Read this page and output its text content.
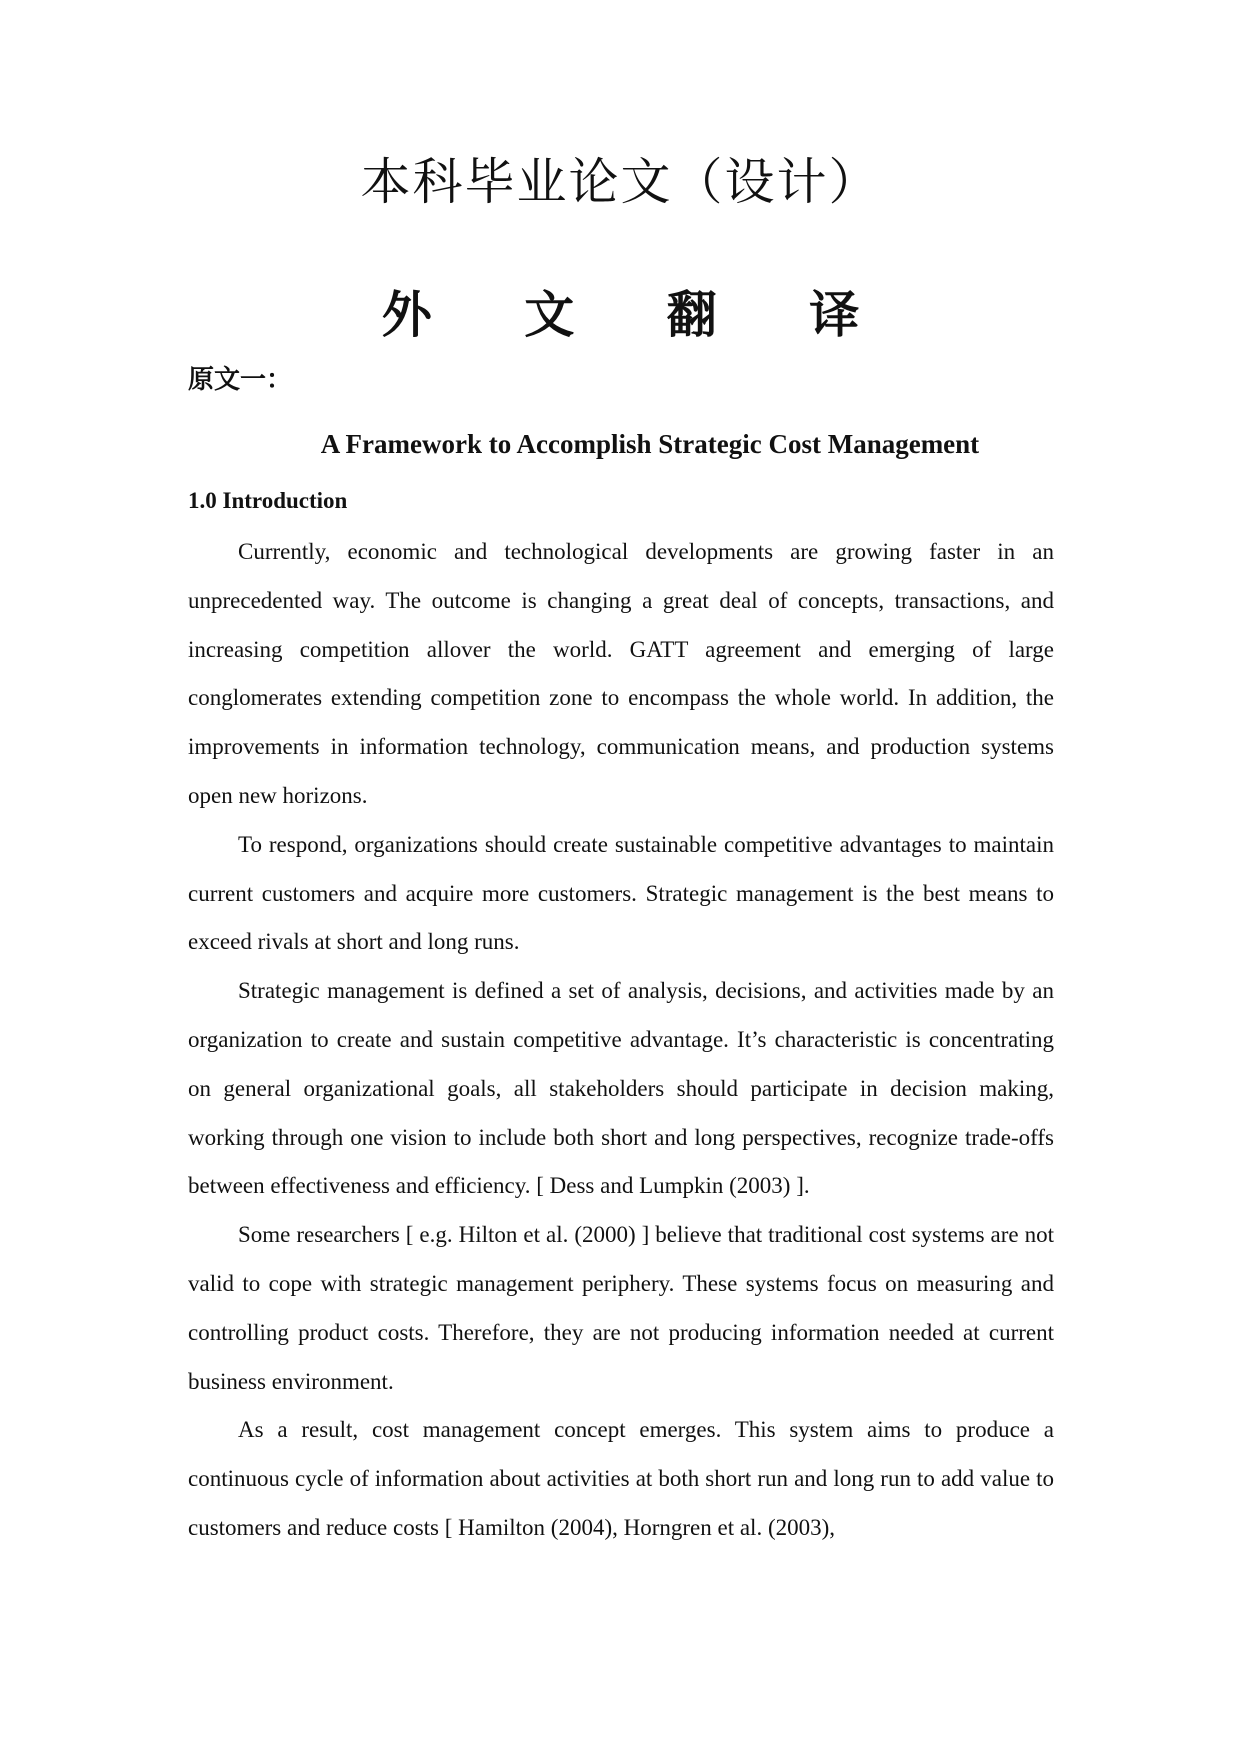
本科毕业论文（设计）
外 文 翻 译
原文一：
A Framework to Accomplish Strategic Cost Management
1.0 Introduction

Currently, economic and technological developments are growing faster in an unprecedented way. The outcome is changing a great deal of concepts, transactions, and increasing competition allover the world. GATT agreement and emerging of large conglomerates extending competition zone to encompass the whole world. In addition, the improvements in information technology, communication means, and production systems open new horizons.

To respond, organizations should create sustainable competitive advantages to maintain current customers and acquire more customers. Strategic management is the best means to exceed rivals at short and long runs.

Strategic management is defined a set of analysis, decisions, and activities made by an organization to create and sustain competitive advantage. It’s characteristic is concentrating on general organizational goals, all stakeholders should participate in decision making, working through one vision to include both short and long perspectives, recognize trade-offs between effectiveness and efficiency. [ Dess and Lumpkin (2003) ].

Some researchers [ e.g. Hilton et al. (2000) ] believe that traditional cost systems are not valid to cope with strategic management periphery. These systems focus on measuring and controlling product costs. Therefore, they are not producing information needed at current business environment.

As a result, cost management concept emerges. This system aims to produce a continuous cycle of information about activities at both short run and long run to add value to customers and reduce costs [ Hamilton (2004), Horngren et al. (2003),
